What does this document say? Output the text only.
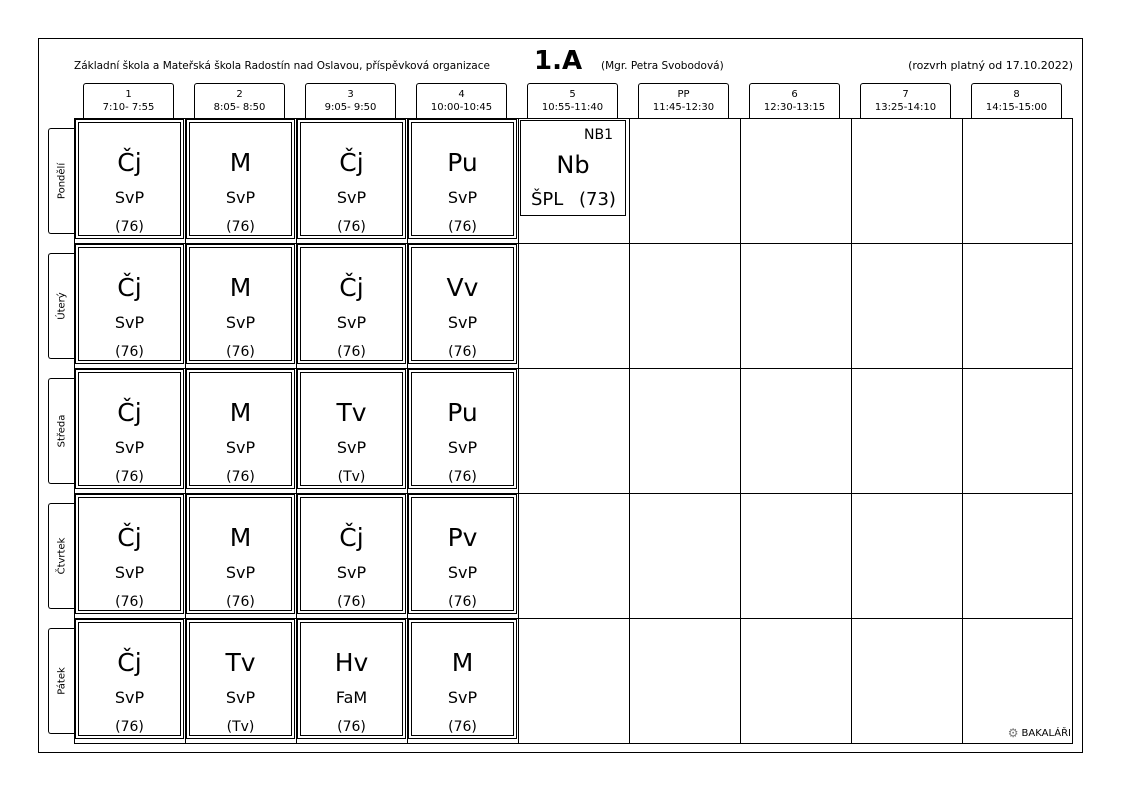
Základní škola a Mateřská škola Radostín nad Oslavou, příspěvková organizace 1.A (Mgr. Petra Svobodová)	(rozvrh platný od 17.10.2022)
1
7:10- 7:55
2
8:05- 8:50
3
9:05- 9:50
4
10:00-10:45
5
10:55-11:40
PP
11:45-12:30
6
12:30-13:15
7
13:25-14:10
8
14:15-15:00
Pondělí
Úterý
Středa
Čtvrtek
Pátek
Čj
SvP
(76)
M
SvP
(76)
Čj
SvP
(76)
Pu
SvP
(76)
NB1
Nb
ŠPL (73)
Čj
SvP
(76)
M
SvP
(76)
Čj
SvP
(76)
Vv
SvP
(76)
Čj
SvP
(76)
M
SvP
(76)
Tv
SvP
(Tv)
Pu
SvP
(76)
Čj
SvP
(76)
M
SvP
(76)
Čj
SvP
(76)
Pv
SvP
(76)
Čj
SvP
(76)
Tv
SvP
(Tv)
Hv
FaM
(76)
M
SvP
(76)	⚙ BAKALÁŘI
